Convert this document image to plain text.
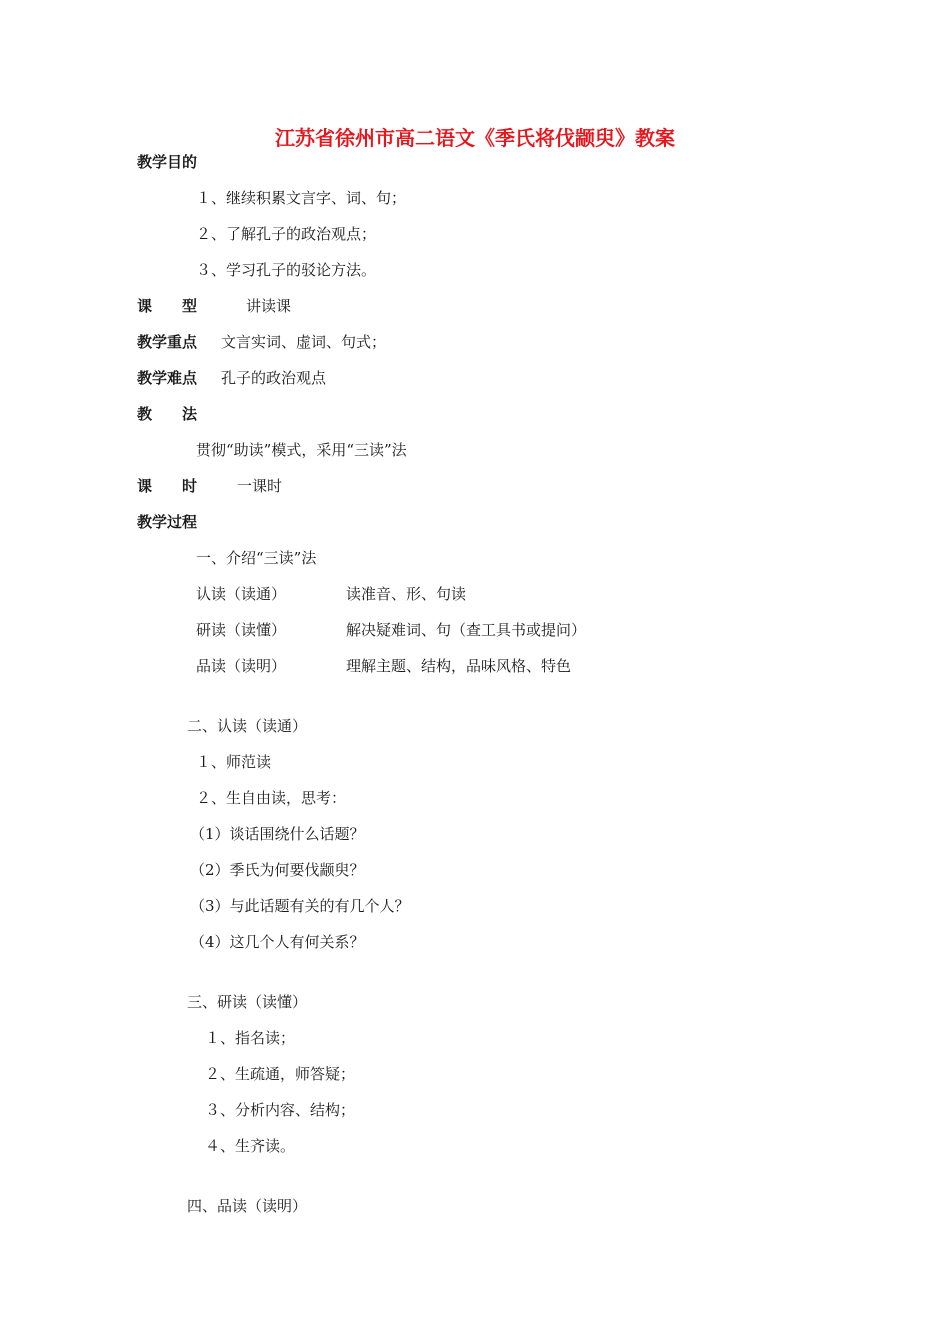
江苏省徐州市高二语文《季氏将伐颛臾》教案
教学目的
１、继续积累文言字、词、句；
２、了解孔子的政治观点；
３、学习孔子的驳论方法。
课　　型	讲读课
教学重点 文言实词、虚词、句式；
教学难点 孔子的政治观点
教　　法
贯彻“助读”模式，采用“三读”法
课　　时	一课时
教学过程
一、介绍“三读”法
认读（读通）	读准音、形、句读
研读（读懂）	解决疑难词、句（查工具书或提问）
品读（读明）	理解主题、结构，品味风格、特色
二、认读（读通）
１、师范读
２、生自由读，思考：
（1）谈话围绕什么话题？
（2）季氏为何要伐颛臾？
（3）与此话题有关的有几个人？
（4）这几个人有何关系？
三、研读（读懂）
１、指名读；
２、生疏通，师答疑；
３、分析内容、结构；
４、生齐读。
四、品读（读明）
